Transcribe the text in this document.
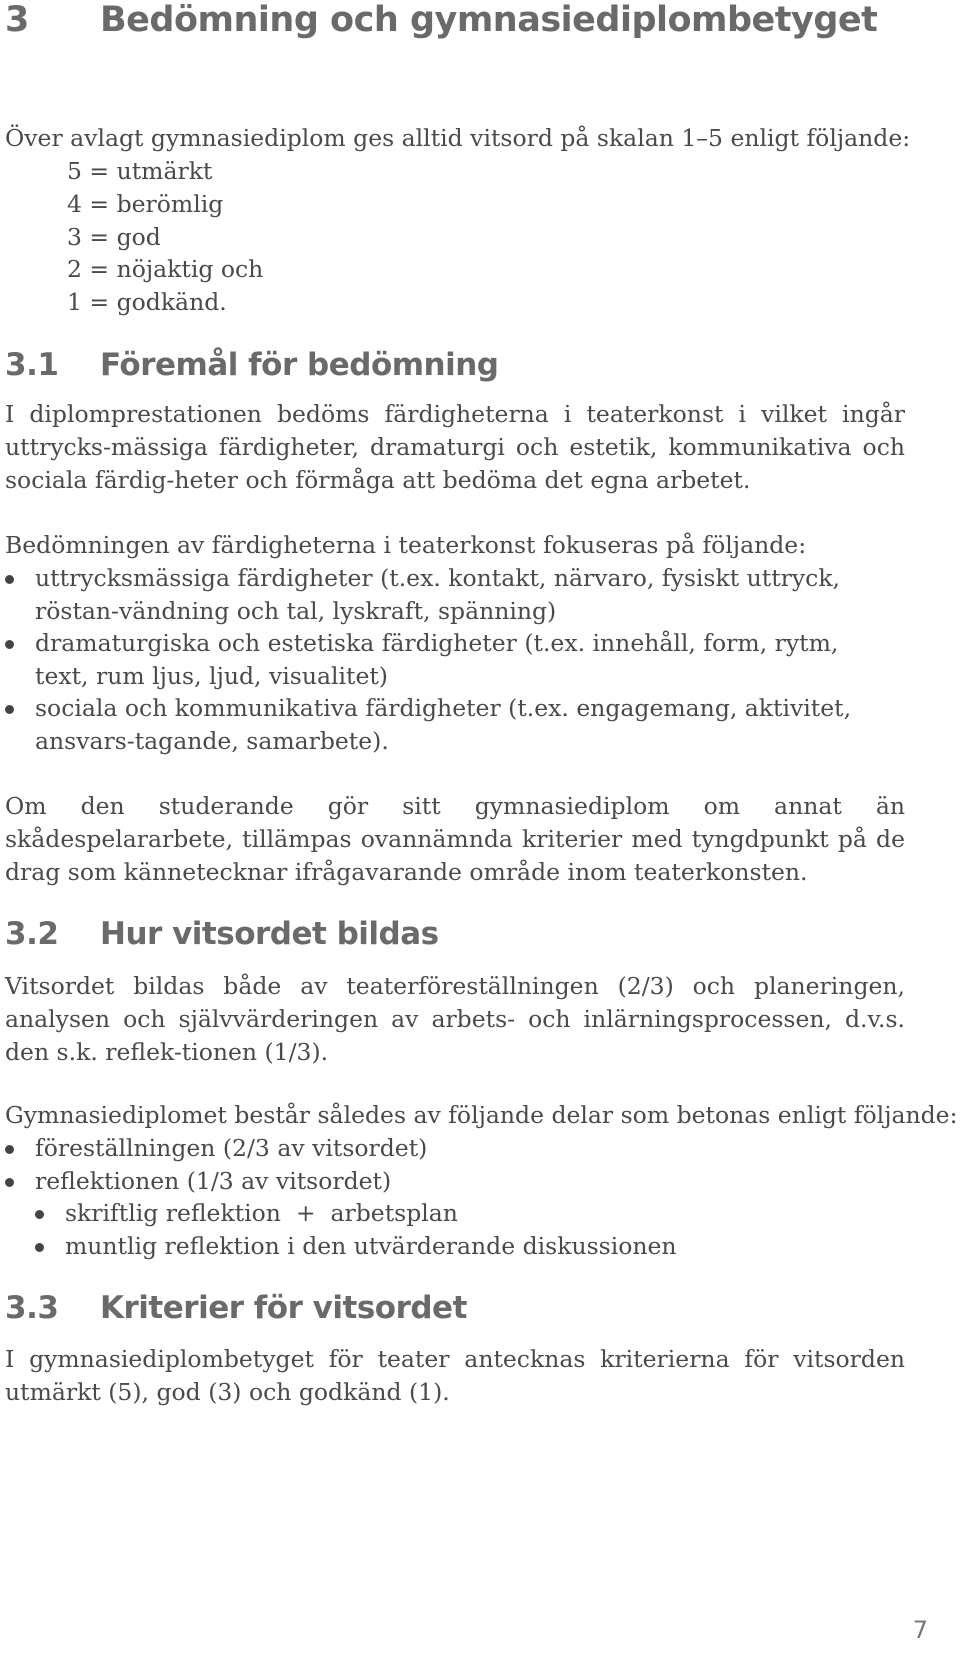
3 Bedömning och gymnasiediplombetyget

Över avlagt gymnasiediplom ges alltid vitsord på skalan 1–5 enligt följande:

5 = utmärkt

4 = berömlig

3 = god

2 = nöjaktig och

1 = godkänd.

3.1 Föremål för bedömning

I diplomprestationen bedöms färdigheterna i teaterkonst i vilket ingår uttrycks-mässiga färdigheter, dramaturgi och estetik, kommunikativa och sociala färdig-heter och förmåga att bedöma det egna arbetet.

Bedömningen av färdigheterna i teaterkonst fokuseras på följande:

uttrycksmässiga färdigheter (t.ex. kontakt, närvaro, fysiskt uttryck, röstan-vändning och tal, lyskraft, spänning)
dramaturgiska och estetiska färdigheter (t.ex. innehåll, form, rytm, text, rum ljus, ljud, visualitet)
sociala och kommunikativa färdigheter (t.ex. engagemang, aktivitet, ansvars-tagande, samarbete).

Om den studerande gör sitt gymnasiediplom om annat än skådespelararbete, tillämpas ovannämnda kriterier med tyngdpunkt på de drag som kännetecknar ifrågavarande område inom teaterkonsten.

3.2 Hur vitsordet bildas

Vitsordet bildas både av teaterföreställningen (2/3) och planeringen, analysen och självvärderingen av arbets- och inlärningsprocessen, d.v.s. den s.k. reflek-tionen (1/3).

Gymnasiediplomet består således av följande delar som betonas enligt följande:

föreställningen (2/3 av vitsordet)
reflektionen (1/3 av vitsordet)
skriftlig reflektion  +  arbetsplan
muntlig reflektion i den utvärderande diskussionen
3.3 Kriterier för vitsordet

I gymnasiediplombetyget för teater antecknas kriterierna för vitsorden utmärkt (5), god (3) och godkänd (1).

7
